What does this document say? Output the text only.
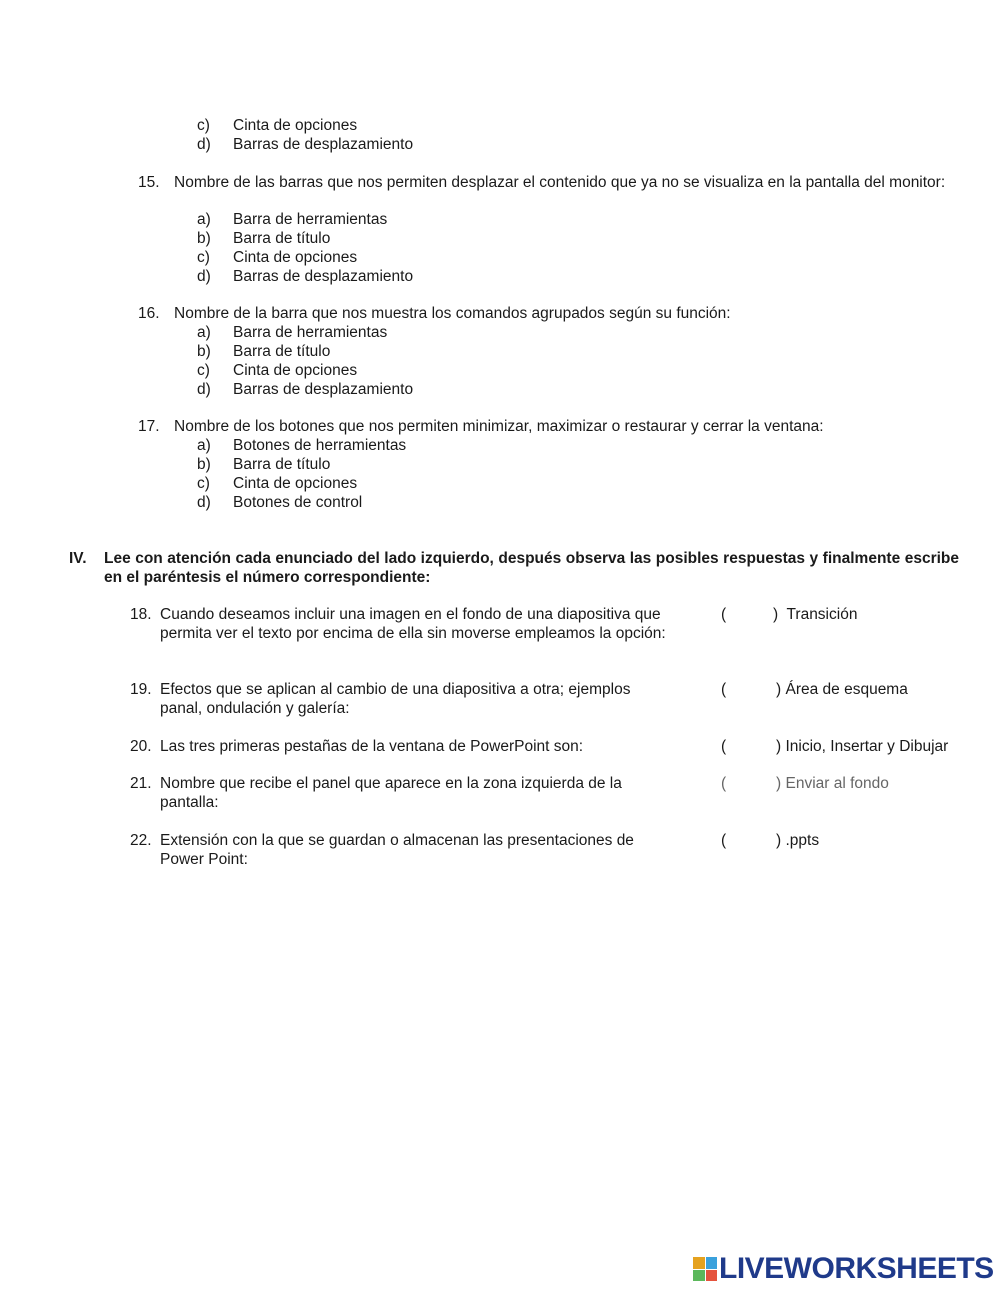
c) Cinta de opciones
d) Barras de desplazamiento
15. Nombre de las barras que nos permiten desplazar el contenido que ya no se visualiza en la pantalla del monitor:
a) Barra de herramientas
b) Barra de título
c) Cinta de opciones
d) Barras de desplazamiento
16. Nombre de la barra que nos muestra los comandos agrupados según su función:
a) Barra de herramientas
b) Barra de título
c) Cinta de opciones
d) Barras de desplazamiento
17. Nombre de los botones que nos permiten minimizar, maximizar o restaurar y cerrar la ventana:
a) Botones de herramientas
b) Barra de título
c) Cinta de opciones
d) Botones de control
IV. Lee con atención cada enunciado del lado izquierdo, después observa las posibles respuestas y finalmente escribe en el paréntesis el número correspondiente:
18. Cuando deseamos incluir una imagen en el fondo de una diapositiva que permita ver el texto por encima de ella sin moverse empleamos la opción:
(	) Transición
19. Efectos que se aplican al cambio de una diapositiva a otra; ejemplos panal, ondulación y galería:
(	) Área de esquema
20. Las tres primeras pestañas de la ventana de PowerPoint son:	(	) Inicio, Insertar y Dibujar
21. Nombre que recibe el panel que aparece en la zona izquierda de la pantalla:
(	) Enviar al fondo
22. Extensión con la que se guardan o almacenan las presentaciones de Power Point:
(	) .ppts
LIVEWORKSHEETS
